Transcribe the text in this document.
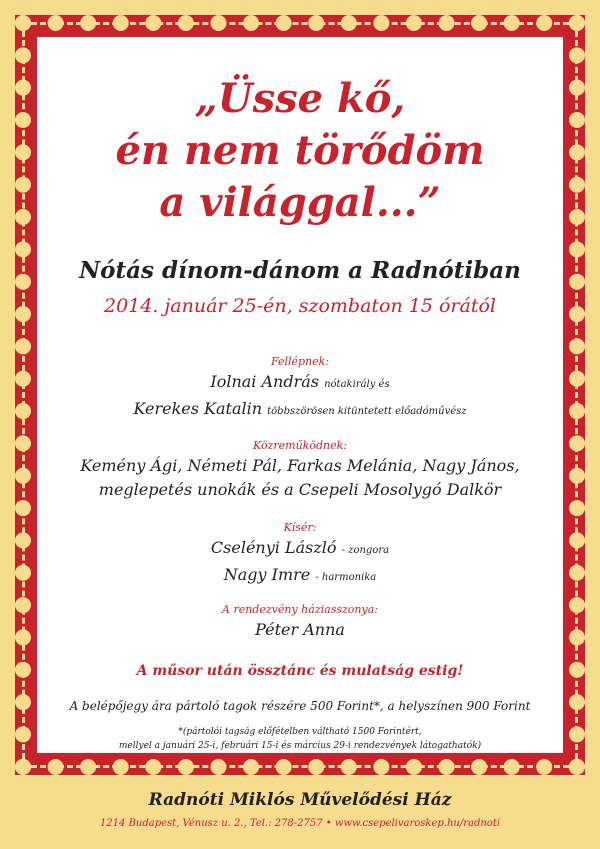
„Üsse kő,
én nem törődöm
a világgal...”
Nótás dínom-dánom a Radnótiban
2014. január 25-én, szombaton 15 órától
Fellépnek:
Iolnai András nótakirály és
Kerekes Katalin többszörösen kitüntetett előadóművész
Közreműködnek:
Kemény Ági, Németi Pál, Farkas Melánia, Nagy János,
meglepetés unokák és a Csepeli Mosolygó Dalkör
Kísér:
Cselényi László - zongora
Nagy Imre - harmonika
A rendezvény háziasszonya:
Péter Anna
A műsor után össztánc és mulatság estig!
A belépőjegy ára pártoló tagok részére 500 Forint*, a helyszínen 900 Forint
*(pártolói tagság előfételben váltható 1500 Forintért,
mellyel a januári 25-i, februári 15-i és március 29-i rendezvények látogathatók)
Radnóti Miklós Művelődési Ház
1214 Budapest, Vénusz u. 2., Tel.: 278-2757 • www.csepelivaroskep.hu/radnoti
